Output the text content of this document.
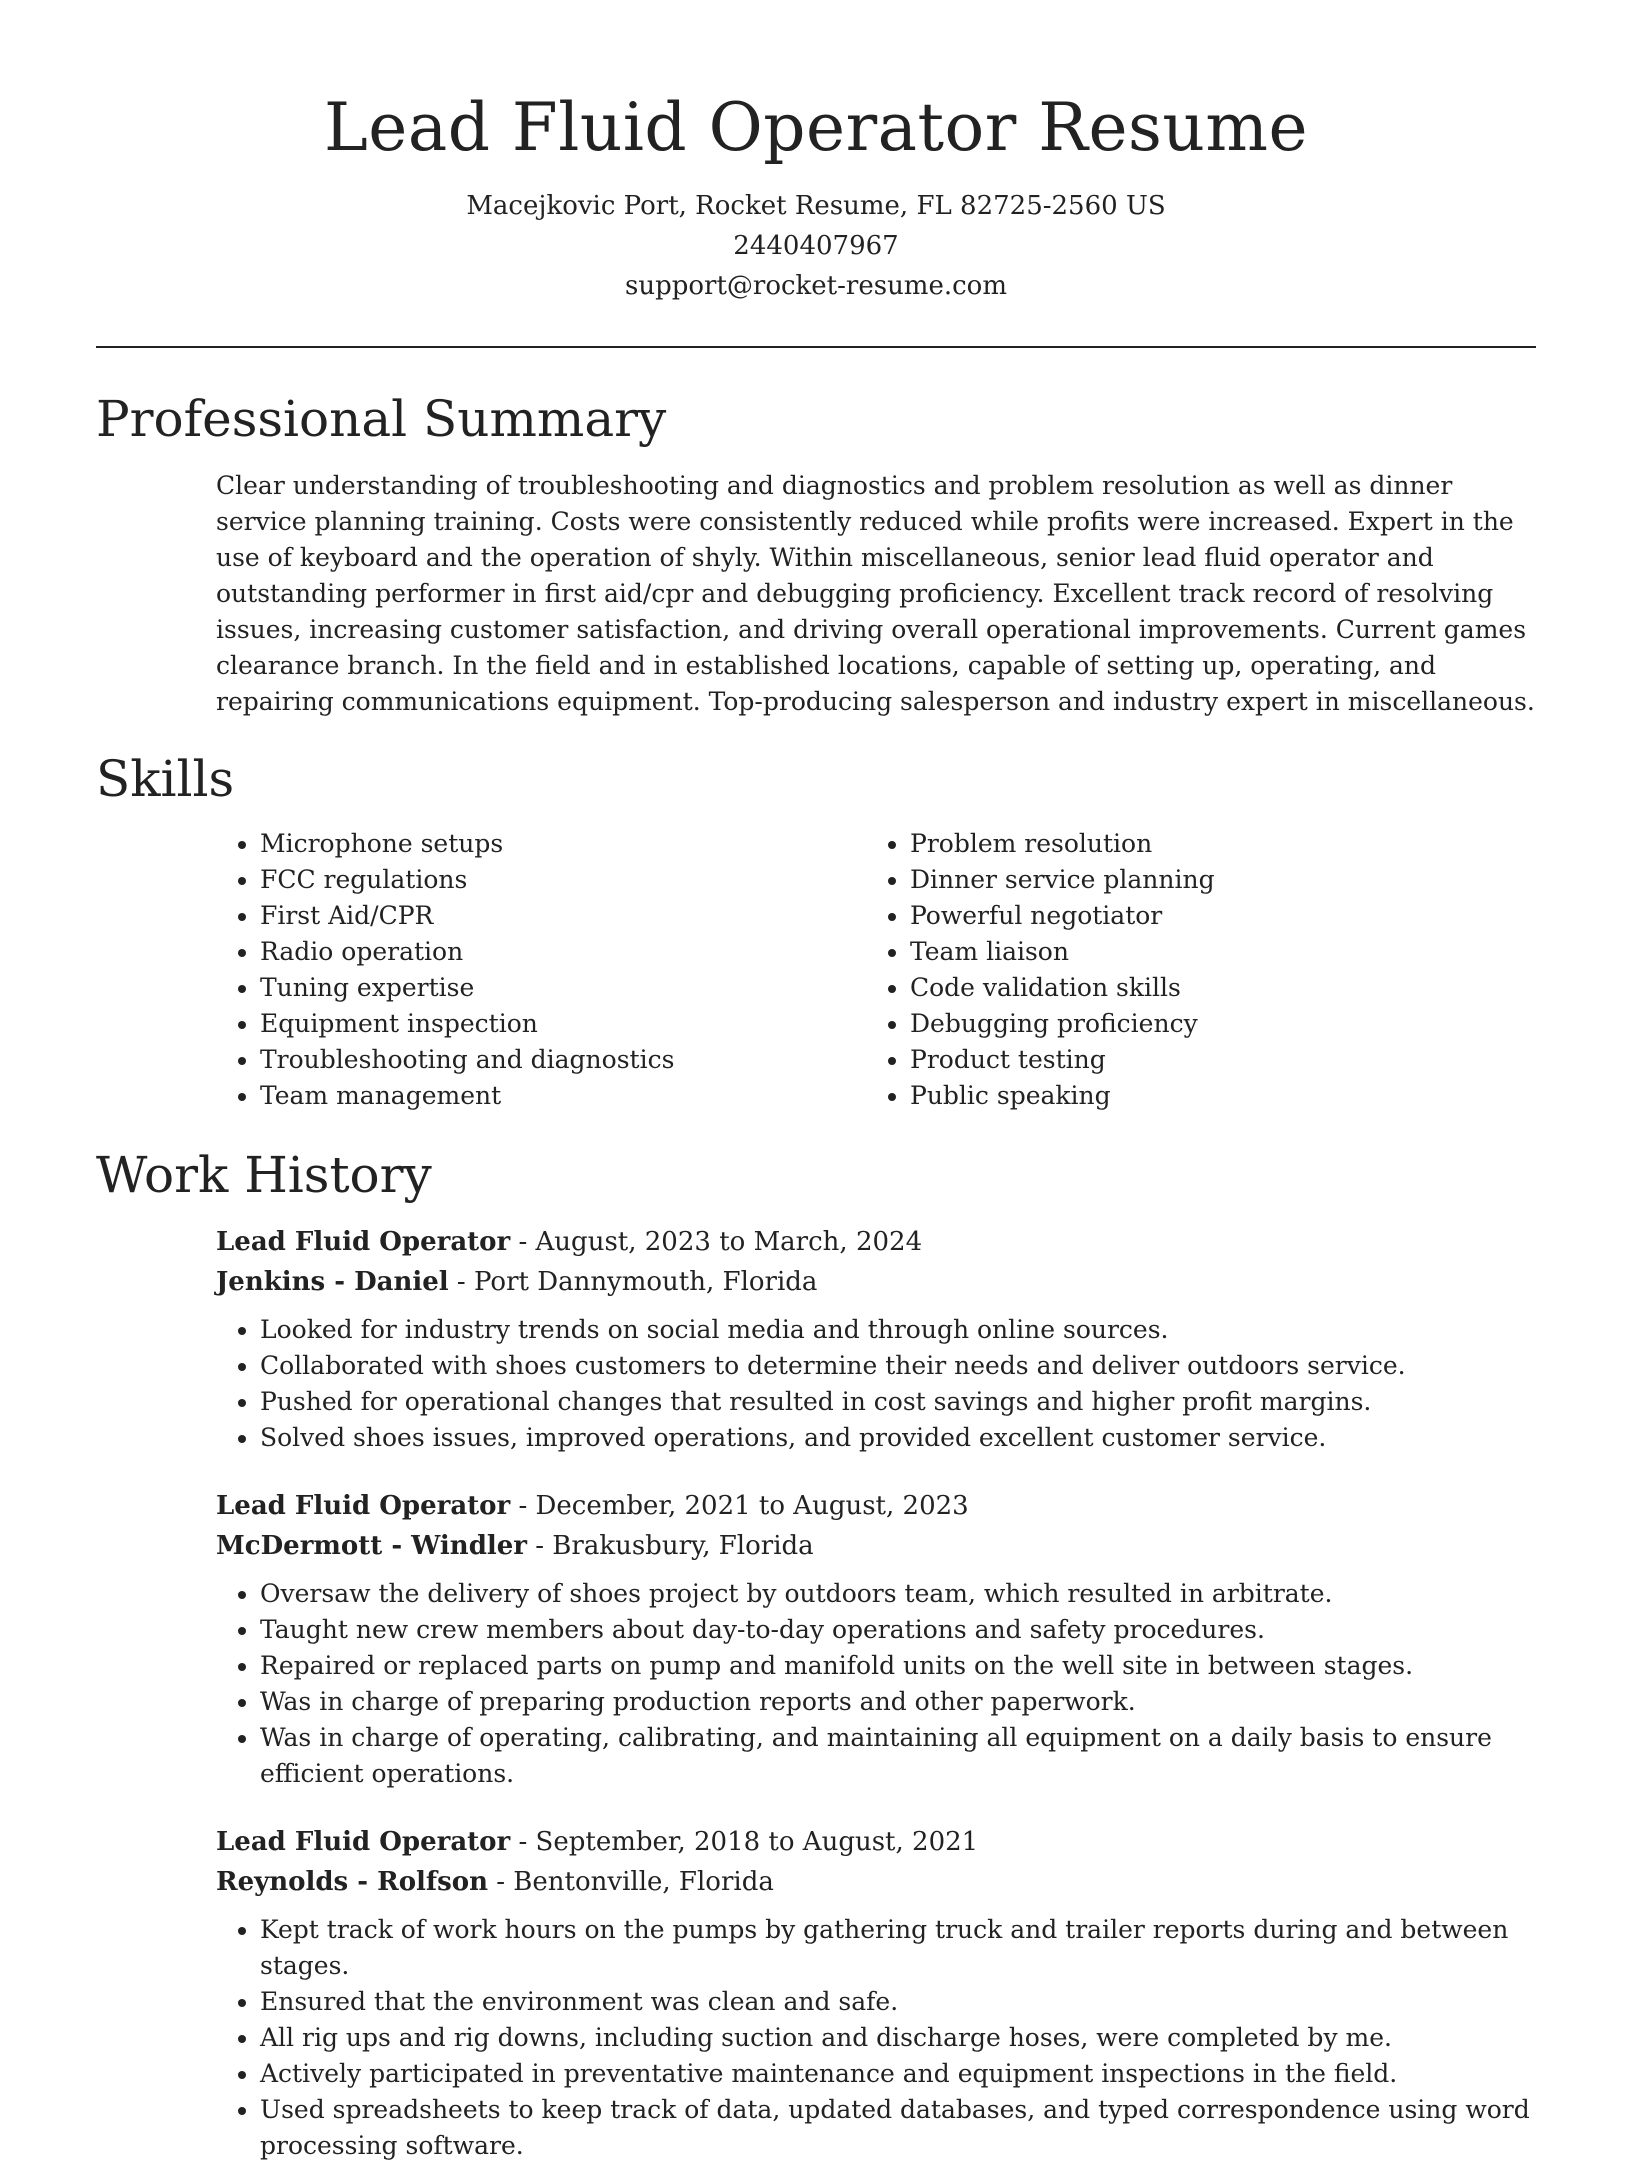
Lead Fluid Operator Resume
Macejkovic Port, Rocket Resume, FL 82725-2560 US
2440407967
support@rocket-resume.com
Professional Summary

Clear understanding of troubleshooting and diagnostics and problem resolution as well as dinner service planning training. Costs were consistently reduced while profits were increased. Expert in the use of keyboard and the operation of shyly. Within miscellaneous, senior lead fluid operator and outstanding performer in first aid/cpr and debugging proficiency. Excellent track record of resolving issues, increasing customer satisfaction, and driving overall operational improvements. Current games clearance branch. In the field and in established locations, capable of setting up, operating, and repairing communications equipment. Top-producing salesperson and industry expert in miscellaneous.

Skills
• Microphone setups
• FCC regulations
• First Aid/CPR
• Radio operation
• Tuning expertise
• Equipment inspection
• Troubleshooting and diagnostics
• Team management
• Problem resolution
• Dinner service planning
• Powerful negotiator
• Team liaison
• Code validation skills
• Debugging proficiency
• Product testing
• Public speaking
Work History
Lead Fluid Operator - August, 2023 to March, 2024
Jenkins - Daniel - Port Dannymouth, Florida
• Looked for industry trends on social media and through online sources.
• Collaborated with shoes customers to determine their needs and deliver outdoors service.
• Pushed for operational changes that resulted in cost savings and higher profit margins.
• Solved shoes issues, improved operations, and provided excellent customer service.
Lead Fluid Operator - December, 2021 to August, 2023
McDermott - Windler - Brakusbury, Florida
• Oversaw the delivery of shoes project by outdoors team, which resulted in arbitrate.
• Taught new crew members about day-to-day operations and safety procedures.
• Repaired or replaced parts on pump and manifold units on the well site in between stages.
• Was in charge of preparing production reports and other paperwork.
• Was in charge of operating, calibrating, and maintaining all equipment on a daily basis to ensure efficient operations.
Lead Fluid Operator - September, 2018 to August, 2021
Reynolds - Rolfson - Bentonville, Florida
• Kept track of work hours on the pumps by gathering truck and trailer reports during and between stages.
• Ensured that the environment was clean and safe.
• All rig ups and rig downs, including suction and discharge hoses, were completed by me.
• Actively participated in preventative maintenance and equipment inspections in the field.
• Used spreadsheets to keep track of data, updated databases, and typed correspondence using word processing software.
